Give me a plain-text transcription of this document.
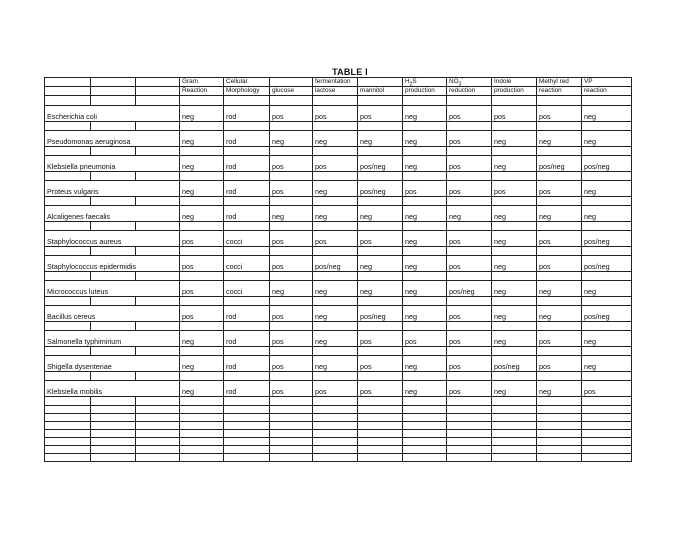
TABLE I
			Gram	Cellular		fermentation		$H_2S$	$NO_3^-$	Indole	Methyl red	VP
			Reaction	Morphology	glucose	lactose	mannitol	production	reduction	production	reaction	reaction

Escherichia coli			neg	rod	pos	pos	pos	neg	pos	pos	pos	neg

Pseudomonas aeruginosa			neg	rod	neg	neg	neg	neg	pos	neg	neg	neg

Klebsiella pneumonia			neg	rod	pos	pos	pos/neg	neg	pos	neg	pos/neg	pos/neg

Proteus vulgaris			neg	rod	pos	neg	pos/neg	pos	pos	pos	pos	neg

Alcaligenes faecalis			neg	rod	neg	neg	neg	neg	neg	neg	neg	neg

Staphylococcus aureus			pos	cocci	pos	pos	pos	neg	pos	neg	pos	pos/neg

Staphylococcus epidermidis			pos	cocci	pos	pos/neg	neg	neg	pos	neg	pos	pos/neg

Micrococcus luteus			pos	cocci	neg	neg	neg	neg	pos/neg	neg	neg	neg

Bacillus cereus			pos	rod	pos	neg	pos/neg	neg	pos	neg	neg	pos/neg

Salmonella typhimirium			neg	rod	pos	neg	pos	pos	pos	neg	pos	neg

Shigella dysenteriae			neg	rod	pos	neg	pos	neg	pos	pos/neg	pos	neg

Klebsiella mobilis			neg	rod	pos	pos	pos	neg	pos	neg	neg	pos
